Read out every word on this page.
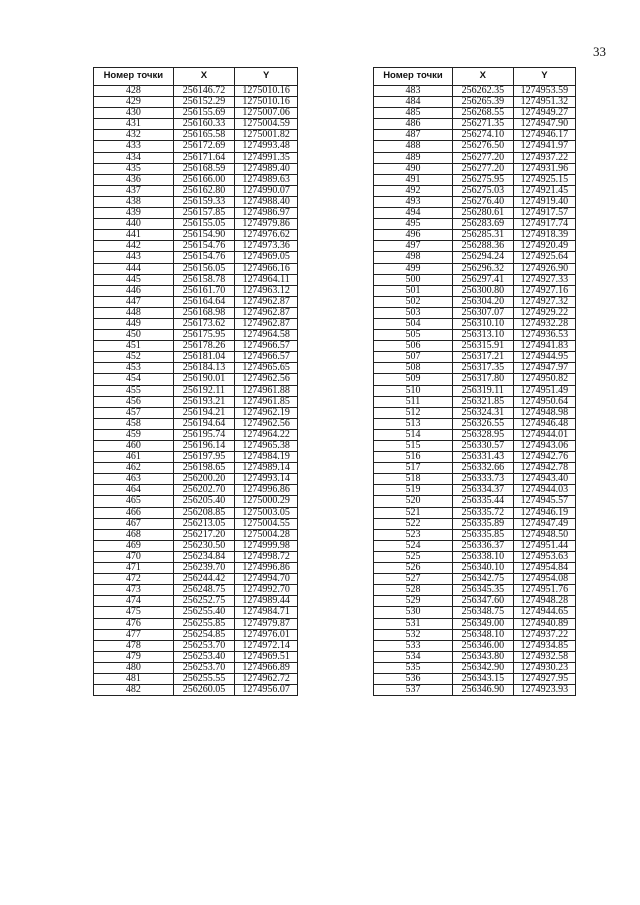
33
Номер точки	X	Y
428	256146.72	1275010.16
429	256152.29	1275010.16
430	256155.69	1275007.06
431	256160.33	1275004.59
432	256165.58	1275001.82
433	256172.69	1274993.48
434	256171.64	1274991.35
435	256168.59	1274989.40
436	256166.00	1274989.63
437	256162.80	1274990.07
438	256159.33	1274988.40
439	256157.85	1274986.97
440	256155.05	1274979.86
441	256154.90	1274976.62
442	256154.76	1274973.36
443	256154.76	1274969.05
444	256156.05	1274966.16
445	256158.78	1274964.11
446	256161.70	1274963.12
447	256164.64	1274962.87
448	256168.98	1274962.87
449	256173.62	1274962.87
450	256175.95	1274964.58
451	256178.26	1274966.57
452	256181.04	1274966.57
453	256184.13	1274965.65
454	256190.01	1274962.56
455	256192.11	1274961.88
456	256193.21	1274961.85
457	256194.21	1274962.19
458	256194.64	1274962.56
459	256195.74	1274964.22
460	256196.14	1274965.38
461	256197.95	1274984.19
462	256198.65	1274989.14
463	256200.20	1274993.14
464	256202.70	1274996.86
465	256205.40	1275000.29
466	256208.85	1275003.05
467	256213.05	1275004.55
468	256217.20	1275004.28
469	256230.50	1274999.98
470	256234.84	1274998.72
471	256239.70	1274996.86
472	256244.42	1274994.70
473	256248.75	1274992.70
474	256252.75	1274989.44
475	256255.40	1274984.71
476	256255.85	1274979.87
477	256254.85	1274976.01
478	256253.70	1274972.14
479	256253.40	1274969.51
480	256253.70	1274966.89
481	256255.55	1274962.72
482	256260.05	1274956.07
Номер точки	X	Y
483	256262.35	1274953.59
484	256265.39	1274951.32
485	256268.55	1274949.27
486	256271.35	1274947.90
487	256274.10	1274946.17
488	256276.50	1274941.97
489	256277.20	1274937.22
490	256277.20	1274931.96
491	256275.95	1274925.15
492	256275.03	1274921.45
493	256276.40	1274919.40
494	256280.61	1274917.57
495	256283.69	1274917.74
496	256285.31	1274918.39
497	256288.36	1274920.49
498	256294.24	1274925.64
499	256296.32	1274926.90
500	256297.41	1274927.33
501	256300.80	1274927.16
502	256304.20	1274927.32
503	256307.07	1274929.22
504	256310.10	1274932.28
505	256313.10	1274936.53
506	256315.91	1274941.83
507	256317.21	1274944.95
508	256317.35	1274947.97
509	256317.80	1274950.82
510	256319.11	1274951.49
511	256321.85	1274950.64
512	256324.31	1274948.98
513	256326.55	1274946.48
514	256328.95	1274944.01
515	256330.57	1274943.06
516	256331.43	1274942.76
517	256332.66	1274942.78
518	256333.73	1274943.40
519	256334.37	1274944.03
520	256335.44	1274945.57
521	256335.72	1274946.19
522	256335.89	1274947.49
523	256335.85	1274948.50
524	256336.37	1274951.44
525	256338.10	1274953.63
526	256340.10	1274954.84
527	256342.75	1274954.08
528	256345.35	1274951.76
529	256347.60	1274948.28
530	256348.75	1274944.65
531	256349.00	1274940.89
532	256348.10	1274937.22
533	256346.00	1274934.85
534	256343.80	1274932.58
535	256342.90	1274930.23
536	256343.15	1274927.95
537	256346.90	1274923.93
